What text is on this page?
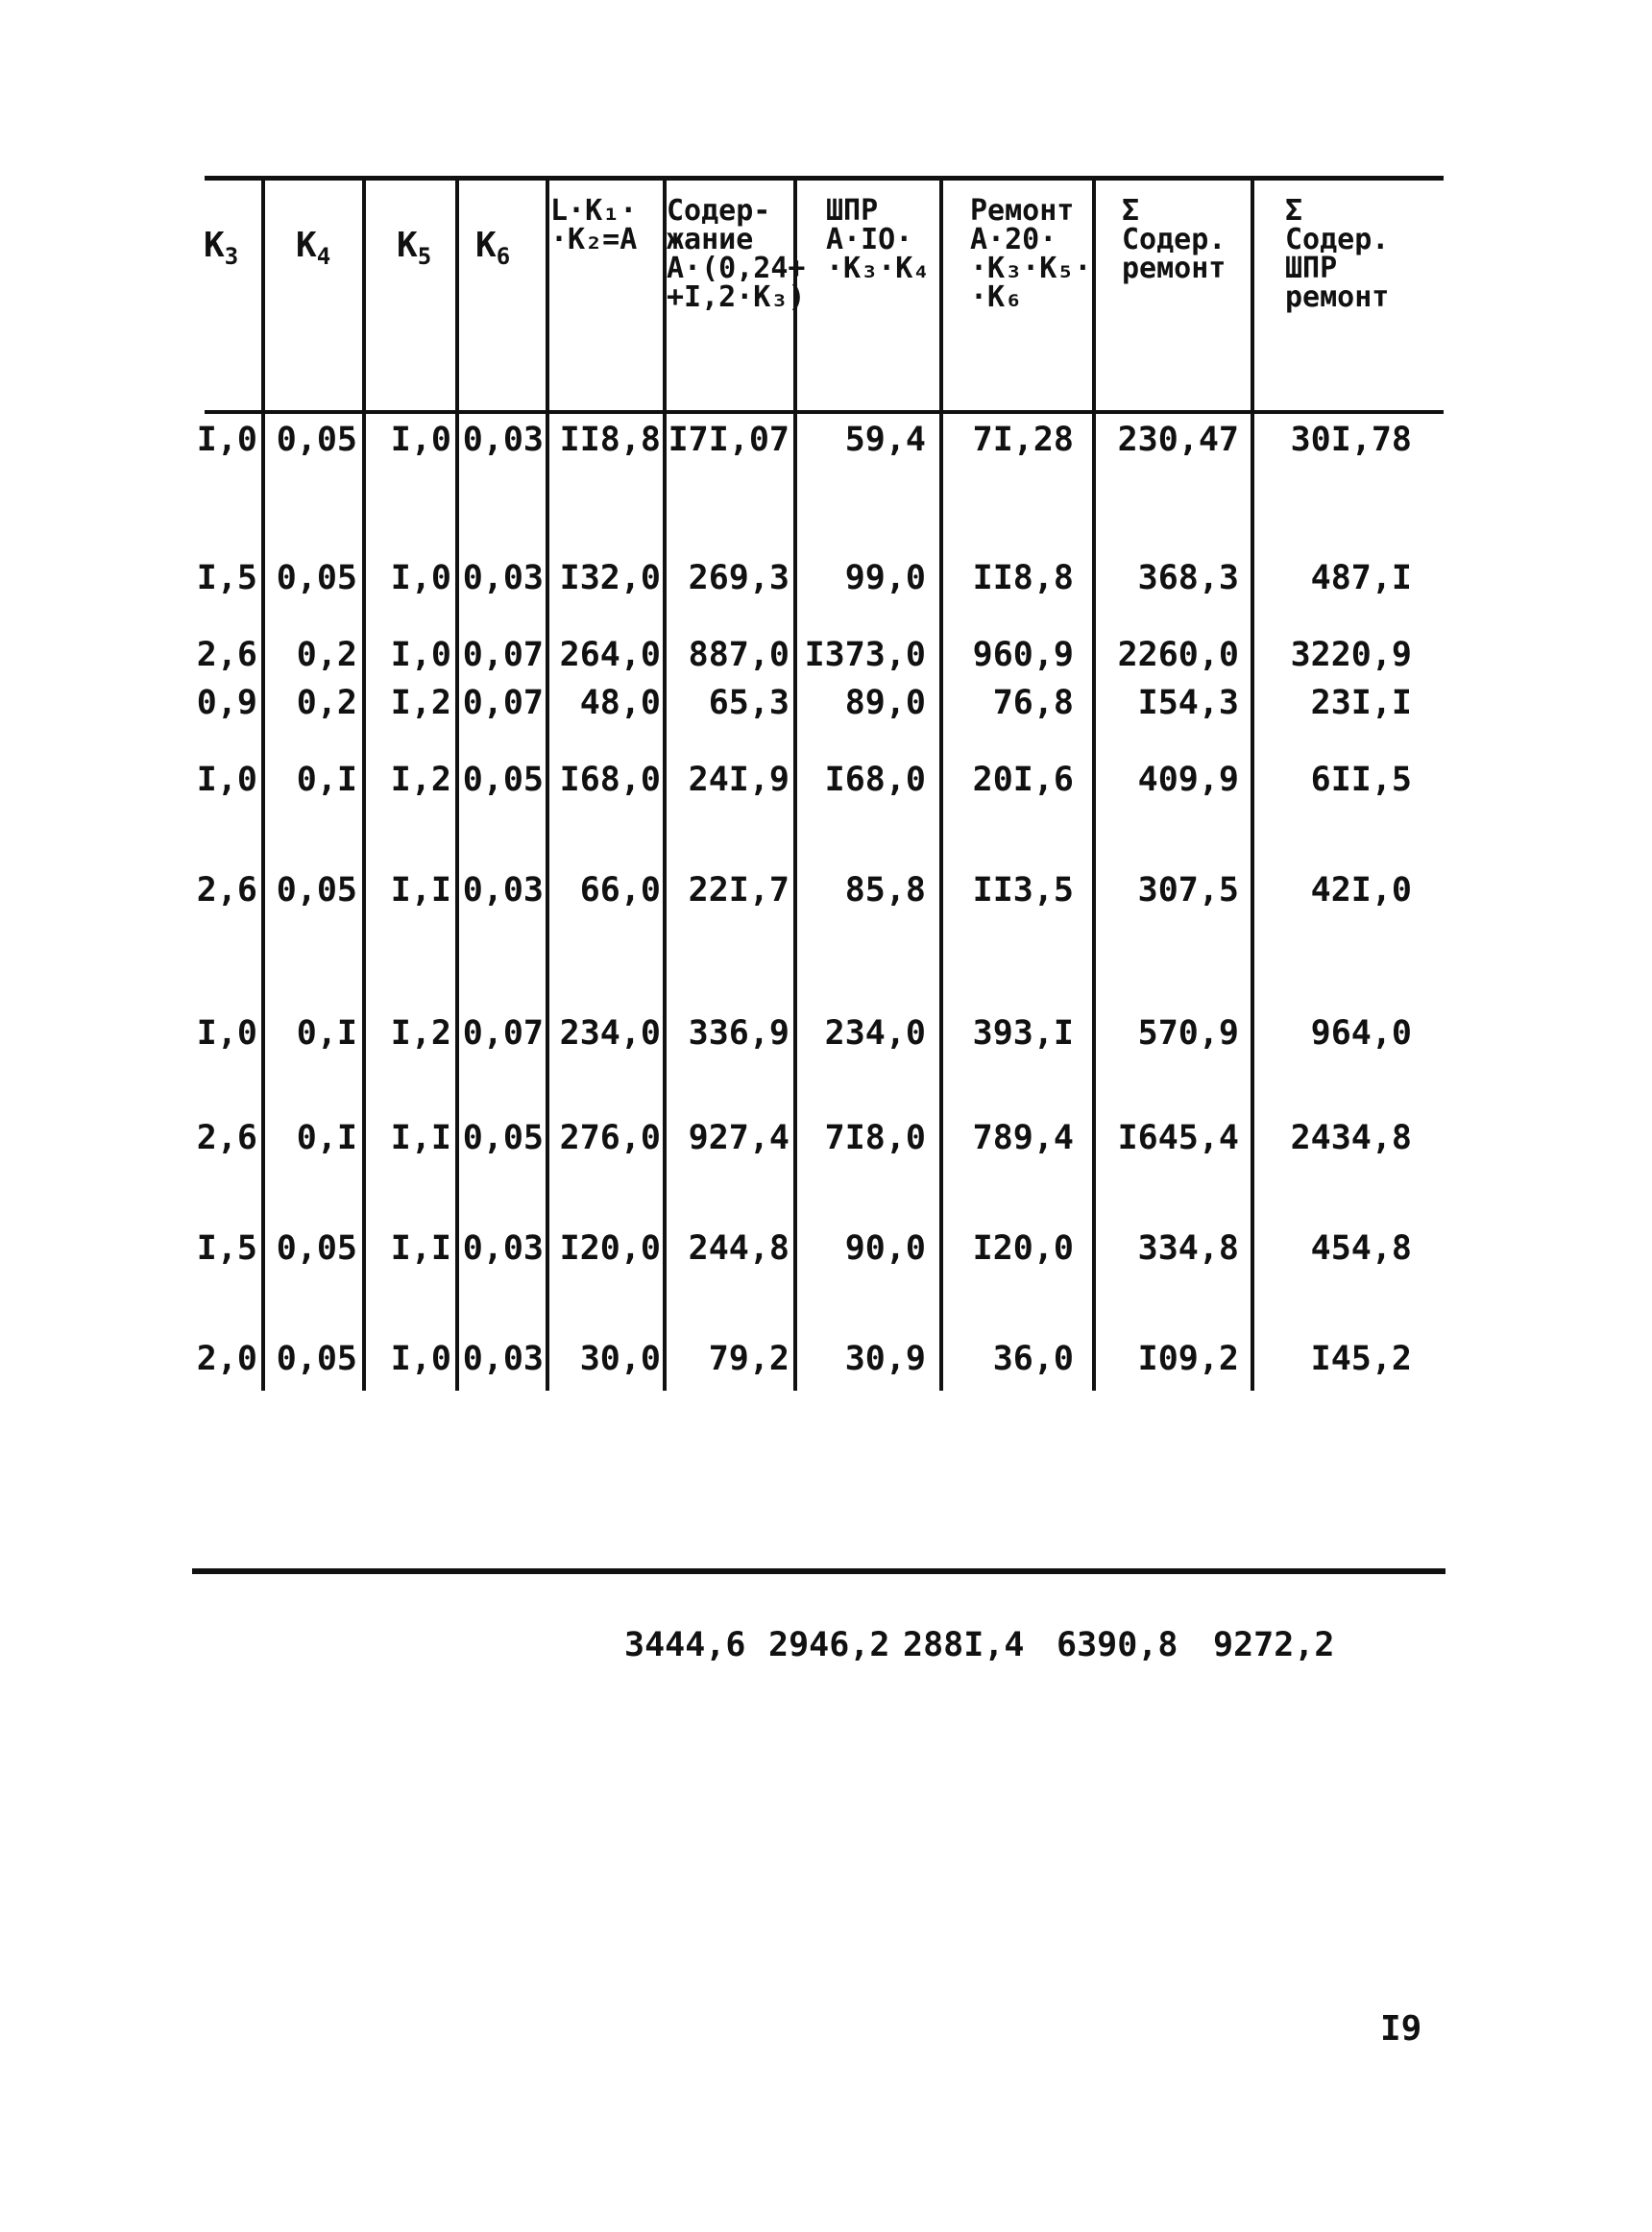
$K_3$ $K_4$ $K_5$ $K_6$
L·K₁·
·K₂=A
Содер-
жание
A·(0,24+
+I,2·K₃)
ШПР
A·IO·
·K₃·K₄
Ремонт
A·20·
·K₃·K₅·
·K₆
Σ
Содер.
ремонт
Σ
Содер.
ШПР
ремонт
I,0 0,05 I,0 0,03 II8,8 I7I,07 59,4 7I,28 230,47 30I,78
I,5 0,05 I,0 0,03 I32,0 269,3 99,0 II8,8 368,3 487,I
2,6 0,2 I,0 0,07 264,0 887,0 I373,0 960,9 2260,0 3220,9
0,9 0,2 I,2 0,07 48,0 65,3 89,0 76,8 I54,3 23I,I
I,0 0,I I,2 0,05 I68,0 24I,9 I68,0 20I,6 409,9 6II,5
2,6 0,05 I,I 0,03 66,0 22I,7 85,8 II3,5 307,5 42I,0
I,0 0,I I,2 0,07 234,0 336,9 234,0 393,I 570,9 964,0
2,6 0,I I,I 0,05 276,0 927,4 7I8,0 789,4 I645,4 2434,8
I,5 0,05 I,I 0,03 I20,0 244,8 90,0 I20,0 334,8 454,8
2,0 0,05 I,0 0,03 30,0 79,2 30,9 36,0 I09,2 I45,2
3444,6 2946,2 288I,4 6390,8 9272,2
I9
